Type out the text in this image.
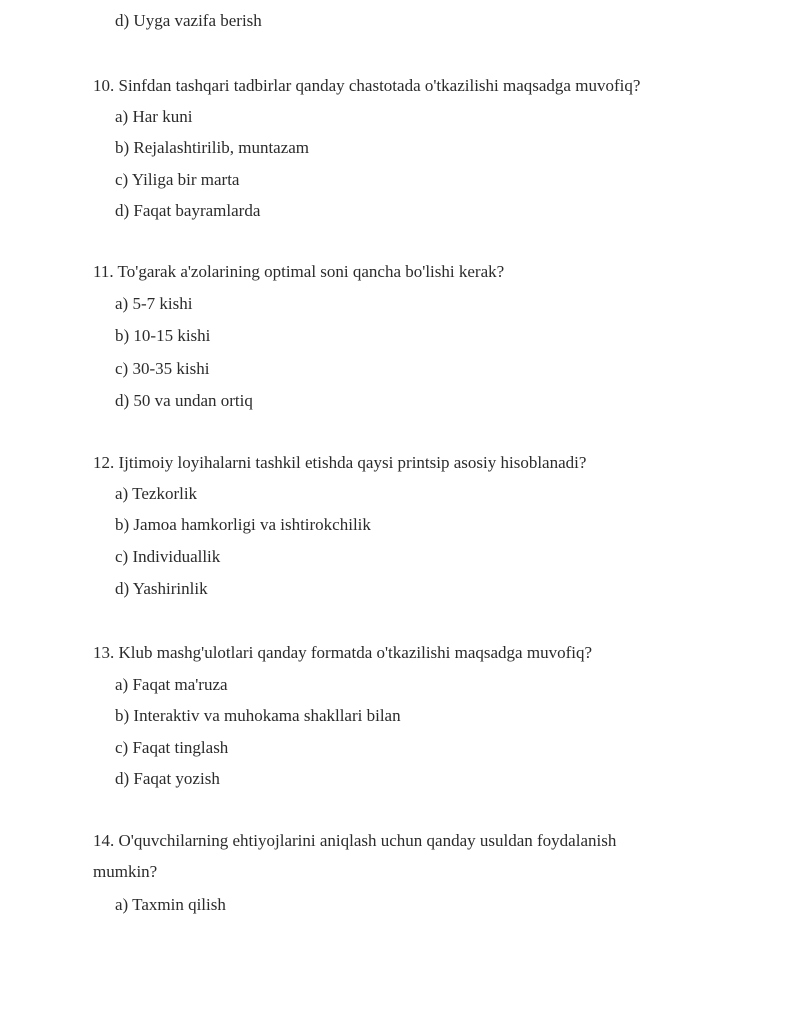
d) Uyga vazifa berish
10. Sinfdan tashqari tadbirlar qanday chastotada o'tkazilishi maqsadga muvofiq?
a) Har kuni
b) Rejalashtirilib, muntazam
c) Yiliga bir marta
d) Faqat bayramlarda
11. To'garak a'zolarining optimal soni qancha bo'lishi kerak?
a) 5-7 kishi
b) 10-15 kishi
c) 30-35 kishi
d) 50 va undan ortiq
12. Ijtimoiy loyihalarni tashkil etishda qaysi printsip asosiy hisoblanadi?
a) Tezkorlik
b) Jamoa hamkorligi va ishtirokchilik
c) Individuallik
d) Yashirinlik
13. Klub mashg'ulotlari qanday formatda o'tkazilishi maqsadga muvofiq?
a) Faqat ma'ruza
b) Interaktiv va muhokama shakllari bilan
c) Faqat tinglash
d) Faqat yozish
14. O'quvchilarning ehtiyojlarini aniqlash uchun qanday usuldan foydalanish
mumkin?
a) Taxmin qilish
